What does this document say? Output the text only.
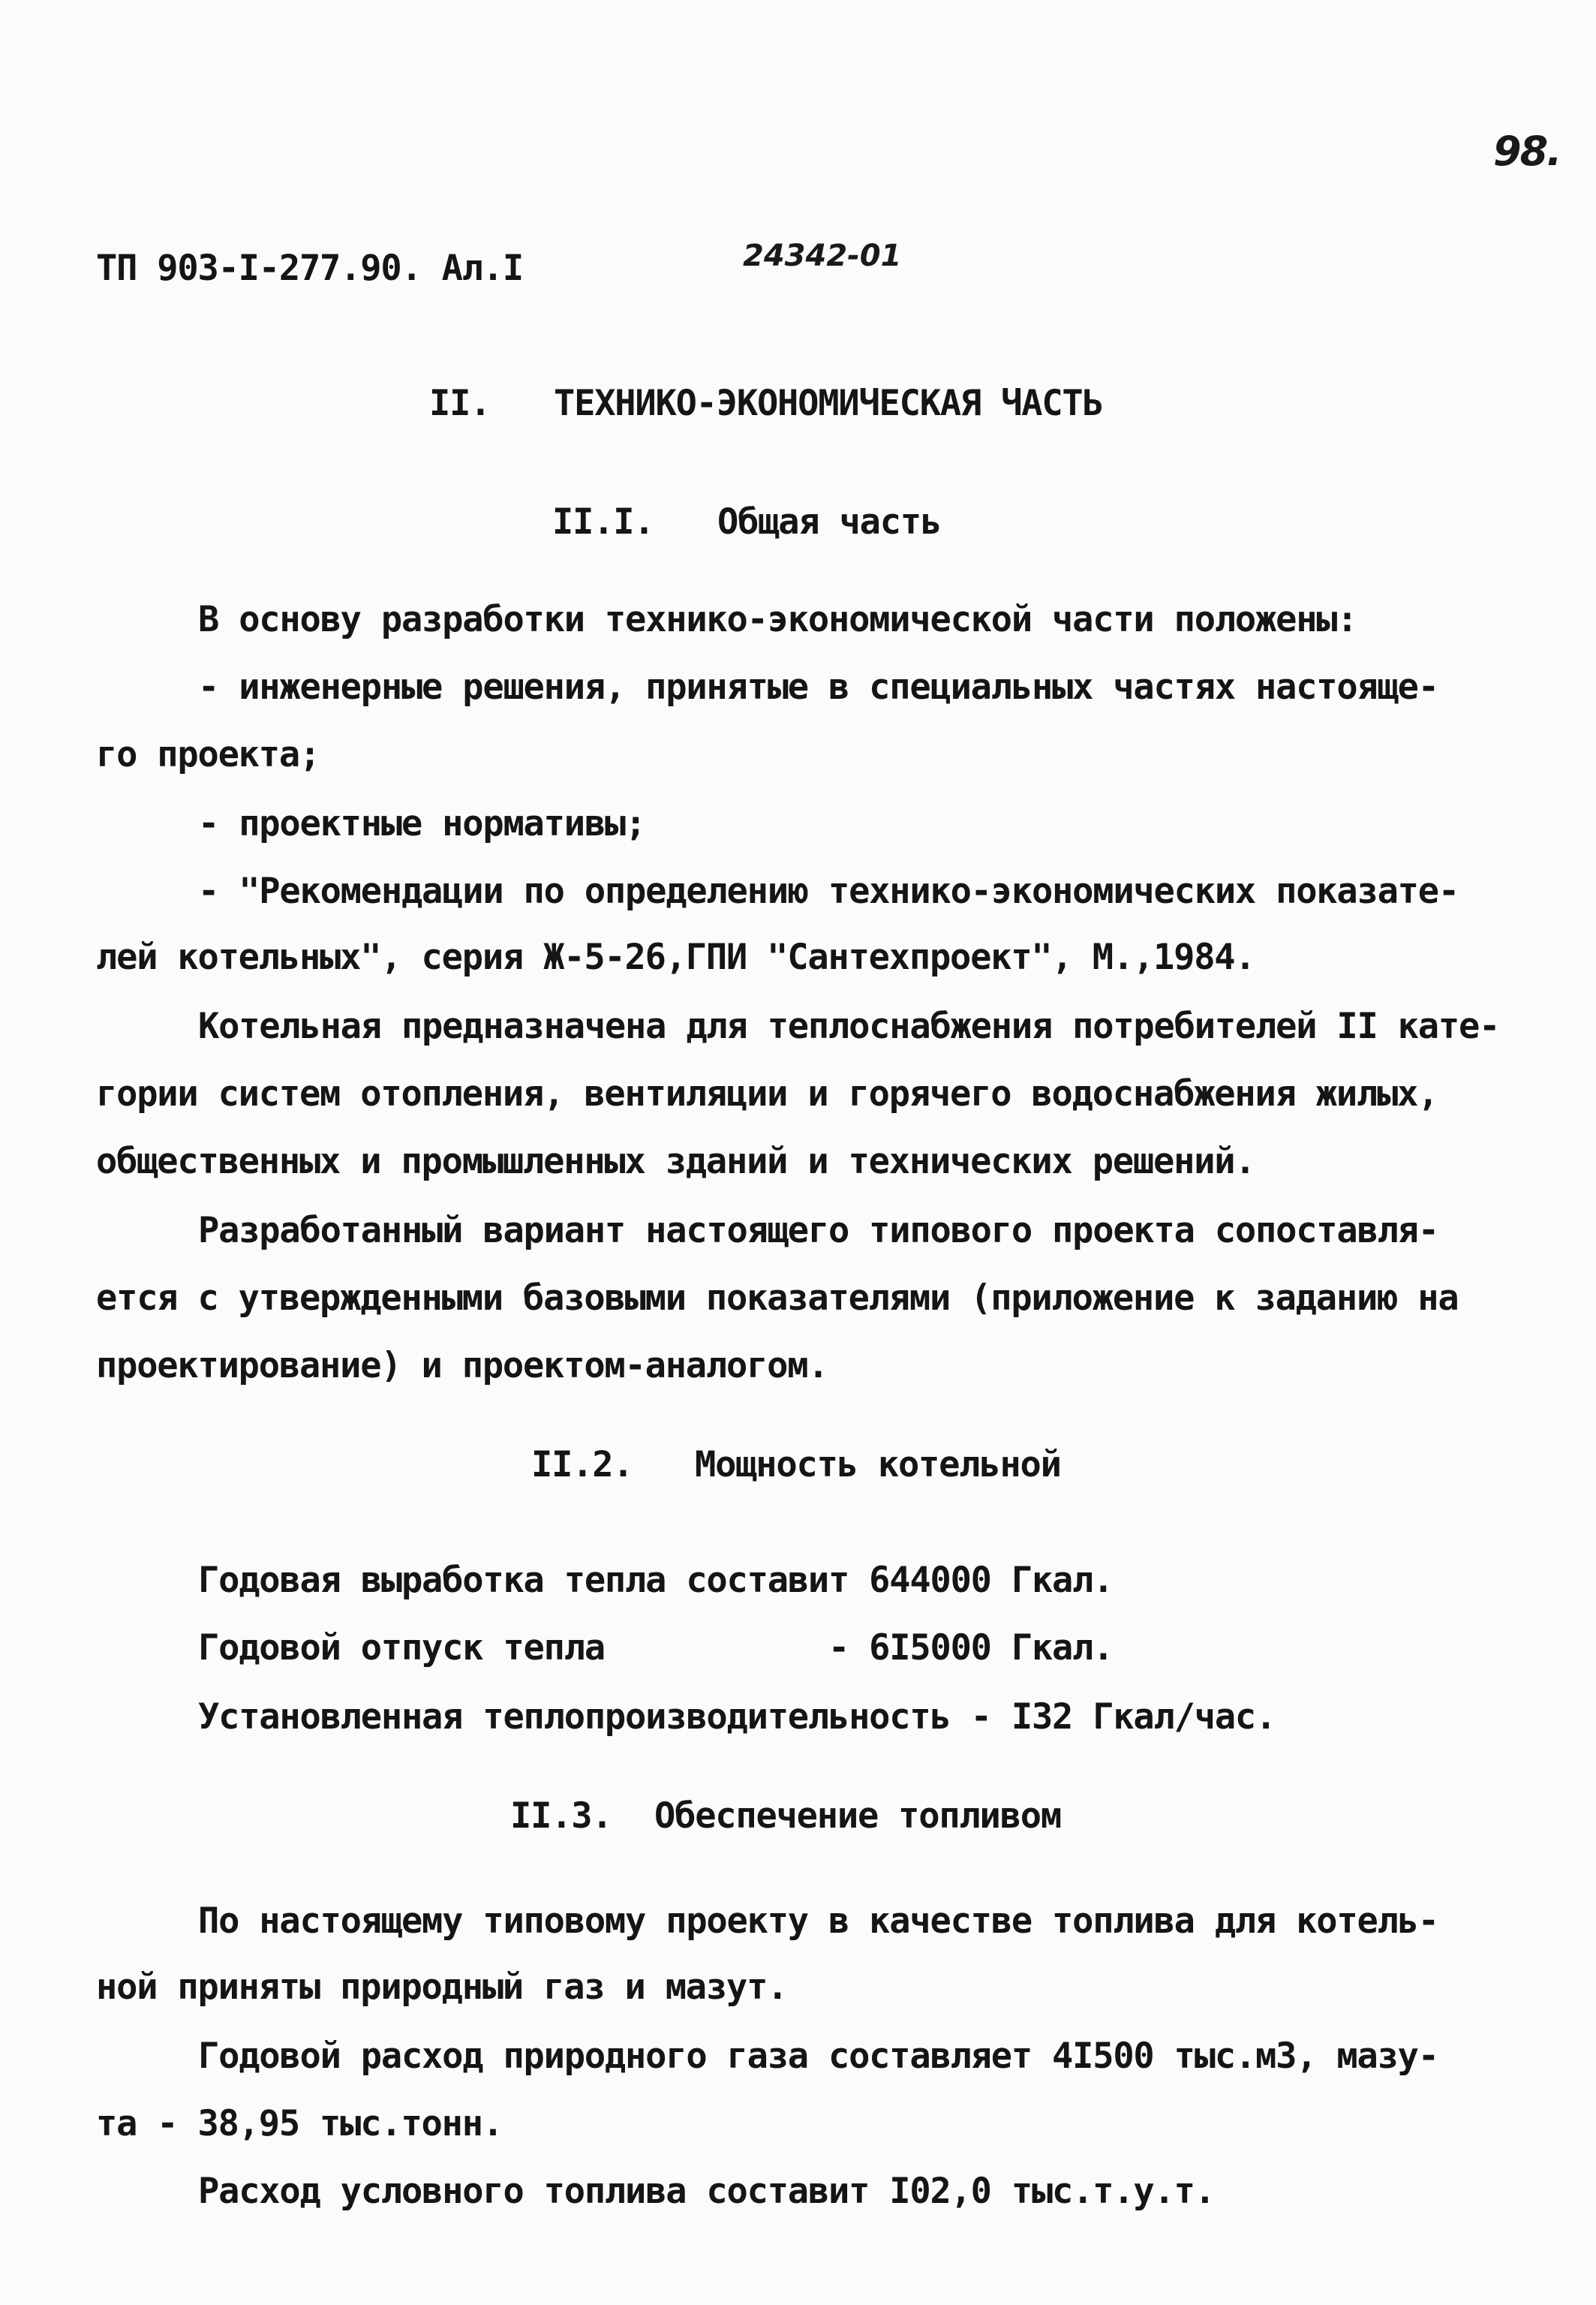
98.
ТП 903-I-277.90. Ал.I	24342-01
II. ТЕХНИКО-ЭКОНОМИЧЕСКАЯ ЧАСТЬ
II.I. Общая часть
В основу разработки технико-экономической части положены:
- инженерные решения, принятые в специальных частях настояще-
го проекта;
- проектные нормативы;
- "Рекомендации по определению технико-экономических показате-
лей котельных", серия Ж-5-26,ГПИ "Сантехпроект", М.,1984.
Котельная предназначена для теплоснабжения потребителей II кате-
гории систем отопления, вентиляции и горячего водоснабжения жилых,
общественных и промышленных зданий и технических решений.
Разработанный вариант настоящего типового проекта сопоставля-
ется с утвержденными базовыми показателями (приложение к заданию на
проектирование) и проектом-аналогом.
II.2. Мощность котельной
Годовая выработка тепла составит 644000 Гкал.
Годовой отпуск тепла           - 6I5000 Гкал.
Установленная теплопроизводительность - I32 Гкал/час.
II.3. Обеспечение топливом
По настоящему типовому проекту в качестве топлива для котель-
ной приняты природный газ и мазут.
Годовой расход природного газа составляет 4I500 тыс.м3, мазу-
та - 38,95 тыс.тонн.
Расход условного топлива составит I02,0 тыс.т.у.т.
